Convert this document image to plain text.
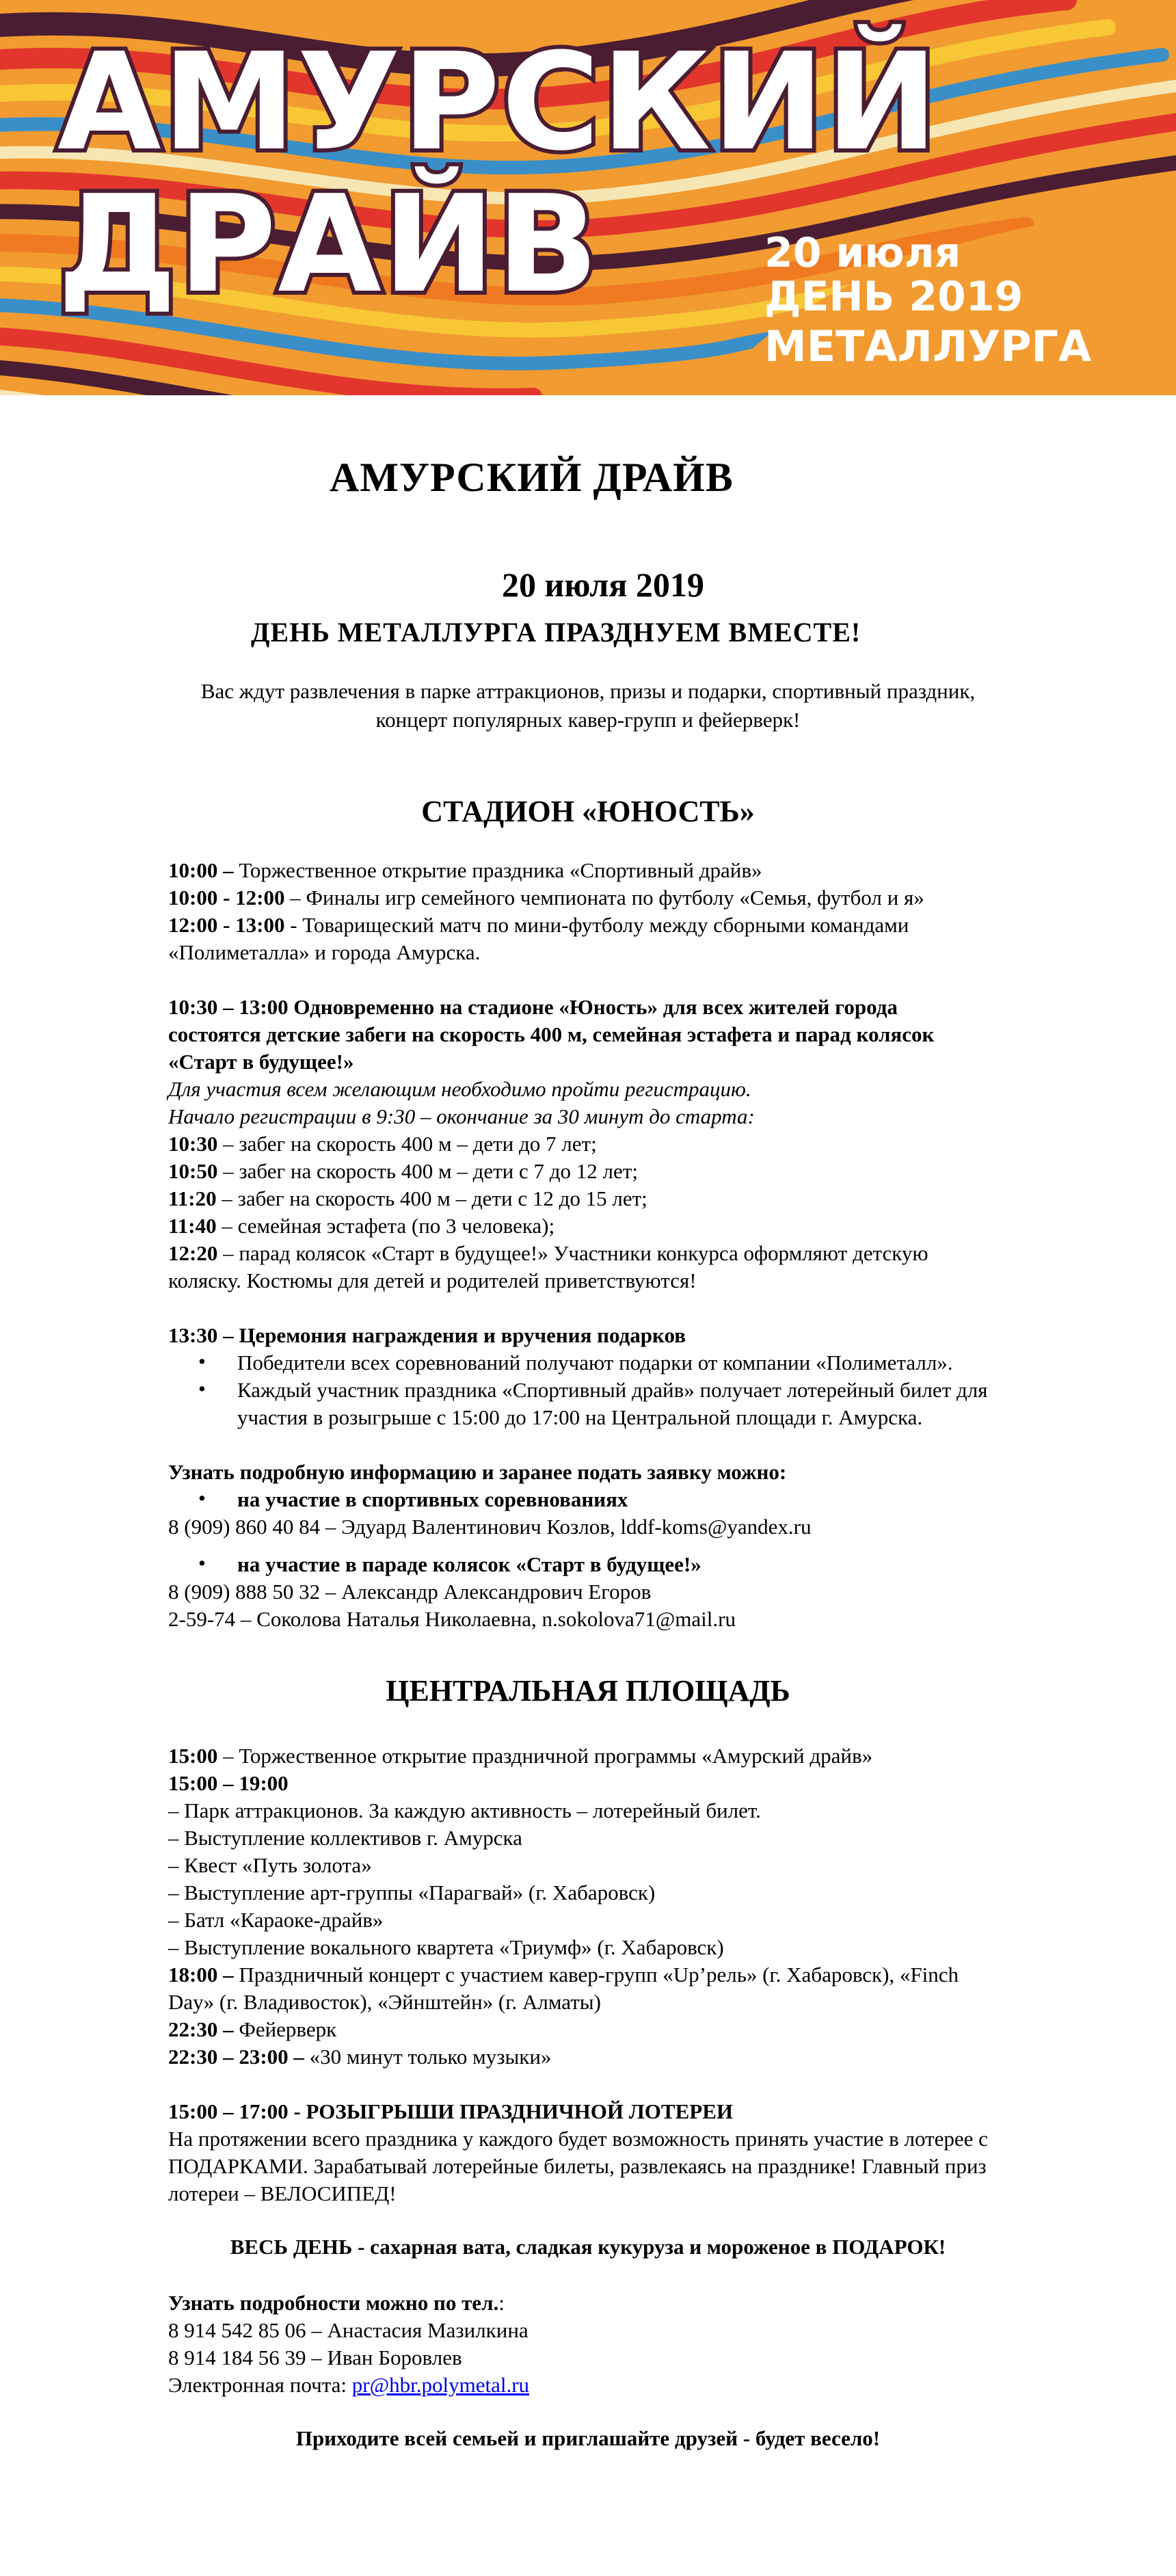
АМУРСКИЙ

ДРАЙВ	20 июля

ДЕНЬ 2019

МЕТАЛЛУРГА

АМУРСКИЙ ДРАЙВ

20 июля 2019

ДЕНЬ МЕТАЛЛУРГА ПРАЗДНУЕМ ВМЕСТЕ!

Вас ждут развлечения в парке аттракционов, призы и подарки, спортивный праздник,

концерт популярных кавер-групп и фейерверк!

СТАДИОН «ЮНОСТЬ»

10:00 – Торжественное открытие праздника «Спортивный драйв»

10:00 - 12:00 – Финалы игр семейного чемпионата по футболу «Семья, футбол и я»

12:00 - 13:00 - Товарищеский матч по мини-футболу между сборными командами

«Полиметалла» и города Амурска.

10:30 – 13:00 Одновременно на стадионе «Юность» для всех жителей города

состоятся детские забеги на скорость 400 м, семейная эстафета и парад колясок

«Старт в будущее!»

Для участия всем желающим необходимо пройти регистрацию.

Начало регистрации в 9:30 – окончание за 30 минут до старта:

10:30 – забег на скорость 400 м – дети до 7 лет;

10:50 – забег на скорость 400 м – дети с 7 до 12 лет;

11:20 – забег на скорость 400 м – дети с 12 до 15 лет;

11:40 – семейная эстафета (по 3 человека);

12:20 – парад колясок «Старт в будущее!» Участники конкурса оформляют детскую

коляску. Костюмы для детей и родителей приветствуются!

13:30 – Церемония награждения и вручения подарков

• Победители всех соревнований получают подарки от компании «Полиметалл».

• Каждый участник праздника «Спортивный драйв» получает лотерейный билет для

участия в розыгрыше с 15:00 до 17:00 на Центральной площади г. Амурска.

Узнать подробную информацию и заранее подать заявку можно:

• на участие в спортивных соревнованиях

8 (909) 860 40 84 – Эдуард Валентинович Козлов, lddf-koms@yandex.ru

• на участие в параде колясок «Старт в будущее!»

8 (909) 888 50 32 – Александр Александрович Егоров

2-59-74 – Соколова Наталья Николаевна, n.sokolova71@mail.ru

ЦЕНТРАЛЬНАЯ ПЛОЩАДЬ

15:00 – Торжественное открытие праздничной программы «Амурский драйв»

15:00 – 19:00

– Парк аттракционов. За каждую активность – лотерейный билет.

– Выступление коллективов г. Амурска

– Квест «Путь золота»

– Выступление арт-группы «Парагвай» (г. Хабаровск)

– Батл «Караоке-драйв»

– Выступление вокального квартета «Триумф» (г. Хабаровск)

18:00 – Праздничный концерт с участием кавер-групп «Up’рель» (г. Хабаровск), «Finch

Day» (г. Владивосток), «Эйнштейн» (г. Алматы)

22:30 – Фейерверк

22:30 – 23:00 – «30 минут только музыки»

15:00 – 17:00 - РОЗЫГРЫШИ ПРАЗДНИЧНОЙ ЛОТЕРЕИ

На протяжении всего праздника у каждого будет возможность принять участие в лотерее с

ПОДАРКАМИ. Зарабатывай лотерейные билеты, развлекаясь на празднике! Главный приз

лотереи – ВЕЛОСИПЕД!

ВЕСЬ ДЕНЬ - сахарная вата, сладкая кукуруза и мороженое в ПОДАРОК!

Узнать подробности можно по тел.:

8 914 542 85 06 – Анастасия Мазилкина

8 914 184 56 39 – Иван Боровлев

Электронная почта: pr@hbr.polymetal.ru

Приходите всей семьей и приглашайте друзей - будет весело!
